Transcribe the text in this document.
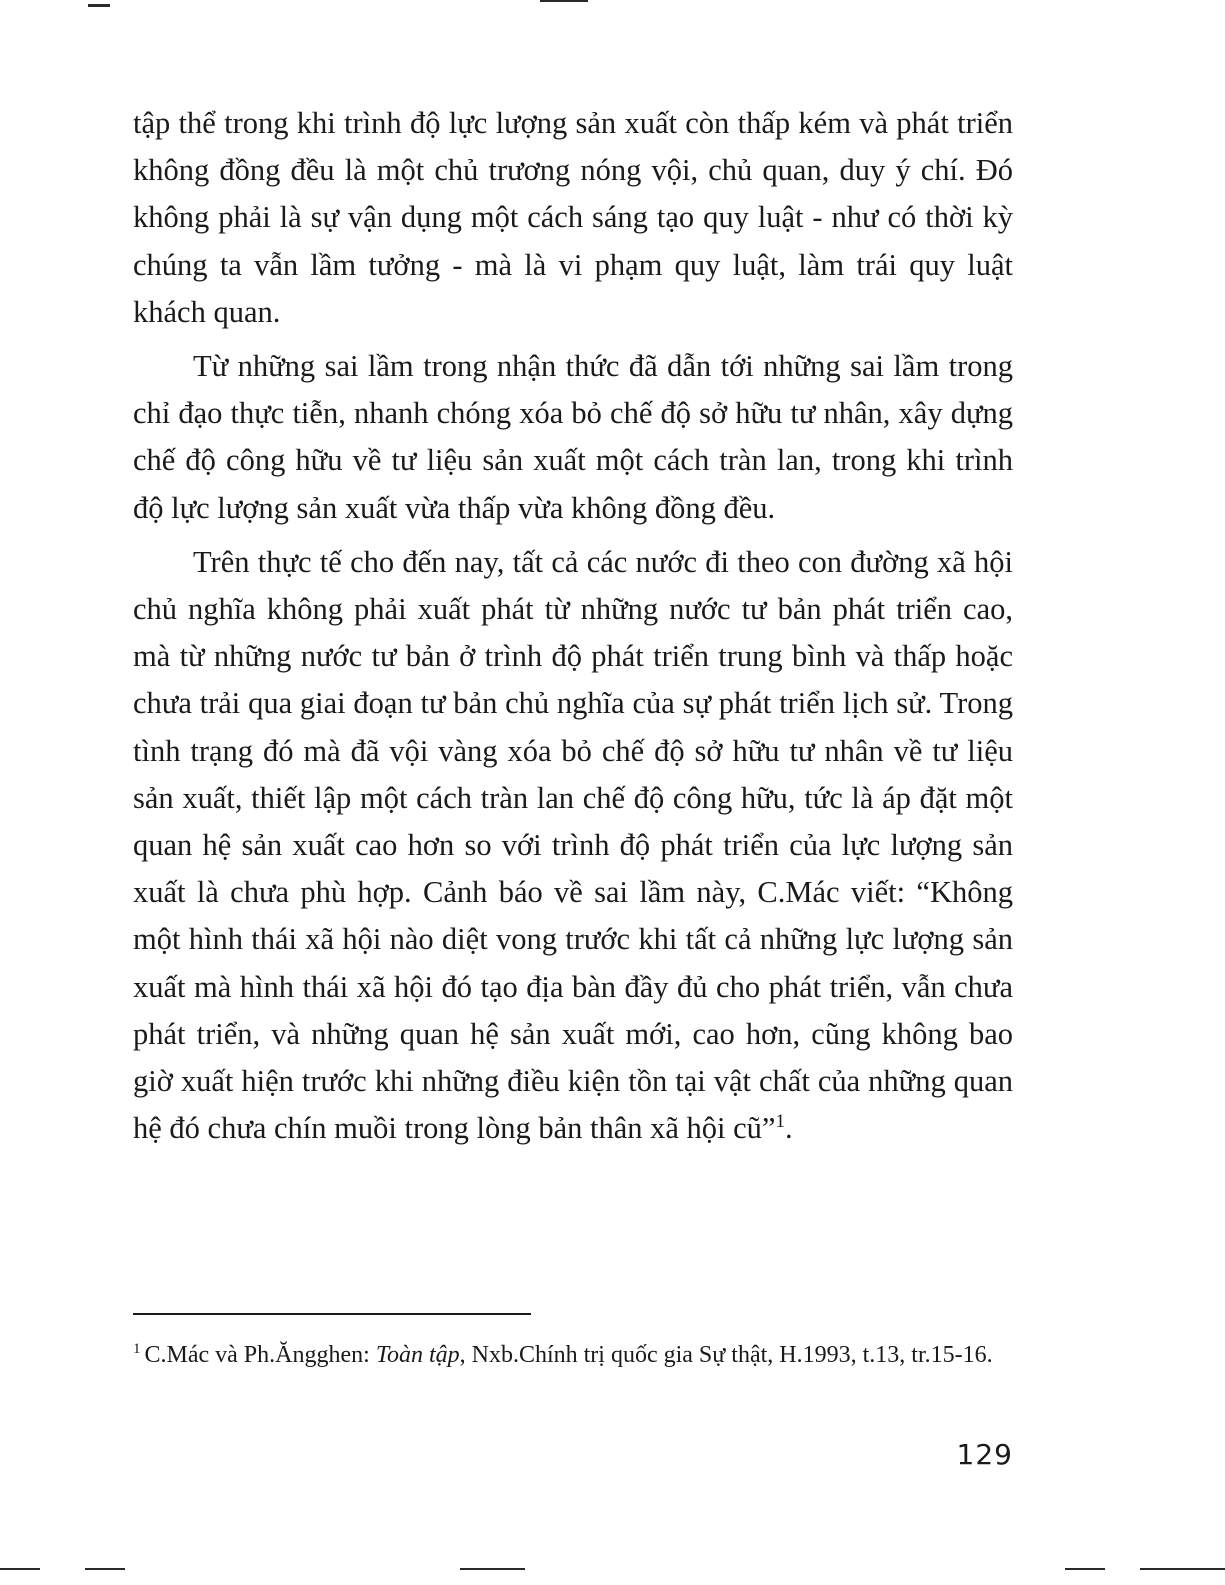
tập thể trong khi trình độ lực lượng sản xuất còn thấp kém và phát triển không đồng đều là một chủ trương nóng vội, chủ quan, duy ý chí. Đó không phải là sự vận dụng một cách sáng tạo quy luật - như có thời kỳ chúng ta vẫn lầm tưởng - mà là vi phạm quy luật, làm trái quy luật khách quan.

Từ những sai lầm trong nhận thức đã dẫn tới những sai lầm trong chỉ đạo thực tiễn, nhanh chóng xóa bỏ chế độ sở hữu tư nhân, xây dựng chế độ công hữu về tư liệu sản xuất một cách tràn lan, trong khi trình độ lực lượng sản xuất vừa thấp vừa không đồng đều.

Trên thực tế cho đến nay, tất cả các nước đi theo con đường xã hội chủ nghĩa không phải xuất phát từ những nước tư bản phát triển cao, mà từ những nước tư bản ở trình độ phát triển trung bình và thấp hoặc chưa trải qua giai đoạn tư bản chủ nghĩa của sự phát triển lịch sử. Trong tình trạng đó mà đã vội vàng xóa bỏ chế độ sở hữu tư nhân về tư liệu sản xuất, thiết lập một cách tràn lan chế độ công hữu, tức là áp đặt một quan hệ sản xuất cao hơn so với trình độ phát triển của lực lượng sản xuất là chưa phù hợp. Cảnh báo về sai lầm này, C.Mác viết: “Không một hình thái xã hội nào diệt vong trước khi tất cả những lực lượng sản xuất mà hình thái xã hội đó tạo địa bàn đầy đủ cho phát triển, vẫn chưa phát triển, và những quan hệ sản xuất mới, cao hơn, cũng không bao giờ xuất hiện trước khi những điều kiện tồn tại vật chất của những quan hệ đó chưa chín muồi trong lòng bản thân xã hội cũ”$^1$.

$^1$ C.Mác và Ph.Ăngghen: Toàn tập, Nxb.Chính trị quốc gia Sự thật, H.1993, t.13, tr.15-16.
129
